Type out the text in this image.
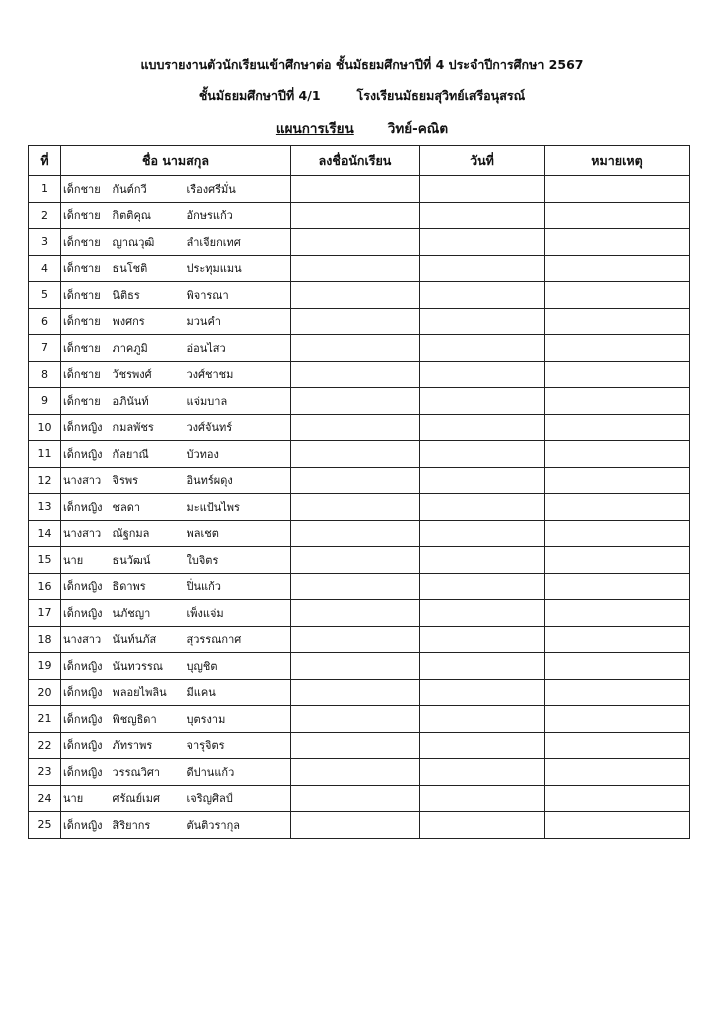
แบบรายงานตัวนักเรียนเข้าศึกษาต่อ ชั้นมัธยมศึกษาปีที่ 4 ประจำปีการศึกษา 2567
ชั้นมัธยมศึกษาปีที่ 4/1	โรงเรียนมัธยมสุวิทย์เสรีอนุสรณ์
แผนการเรียน	วิทย์-คณิต
ที่	ชื่อ นามสกุล			ลงชื่อนักเรียน	วันที่	หมายเหตุ
1	เด็กชาย	กันต์กวี	เรืองศรีมั่น			
2	เด็กชาย	กิตติคุณ	อักษรแก้ว			
3	เด็กชาย	ญาณวุฒิ	ลำเจียกเทศ			
4	เด็กชาย	ธนโชติ	ประทุมแมน			
5	เด็กชาย	นิติธร	พิจารณา			
6	เด็กชาย	พงศกร	มวนคำ			
7	เด็กชาย	ภาคภูมิ	อ่อนไสว			
8	เด็กชาย	วัชรพงศ์	วงศ์ชาชม			
9	เด็กชาย	อภินันท์	แจ่มบาล			
10	เด็กหญิง	กมลพัชร	วงศ์จันทร์			
11	เด็กหญิง	กัลยาณี	บัวทอง			
12	นางสาว	จิรพร	อินทร์ผดุง			
13	เด็กหญิง	ชลดา	มะแป้นไพร			
14	นางสาว	ณัฐกมล	พลเชต			
15	นาย	ธนวัฒน์	ใบจิตร			
16	เด็กหญิง	ธิดาพร	ปิ่นแก้ว			
17	เด็กหญิง	นภัชญา	เพ็งแจ่ม			
18	นางสาว	นันท์นภัส	สุวรรณกาศ			
19	เด็กหญิง	นันทวรรณ	บุญชิต			
20	เด็กหญิง	พลอยไพลิน	มีแคน			
21	เด็กหญิง	พิชญธิดา	บุตรงาม			
22	เด็กหญิง	ภัทราพร	จารุจิตร			
23	เด็กหญิง	วรรณวิศา	ดีปานแก้ว			
24	นาย	ศรัณย์เมศ	เจริญศิลป์			
25	เด็กหญิง	สิริยากร	ตันติวรากุล			
